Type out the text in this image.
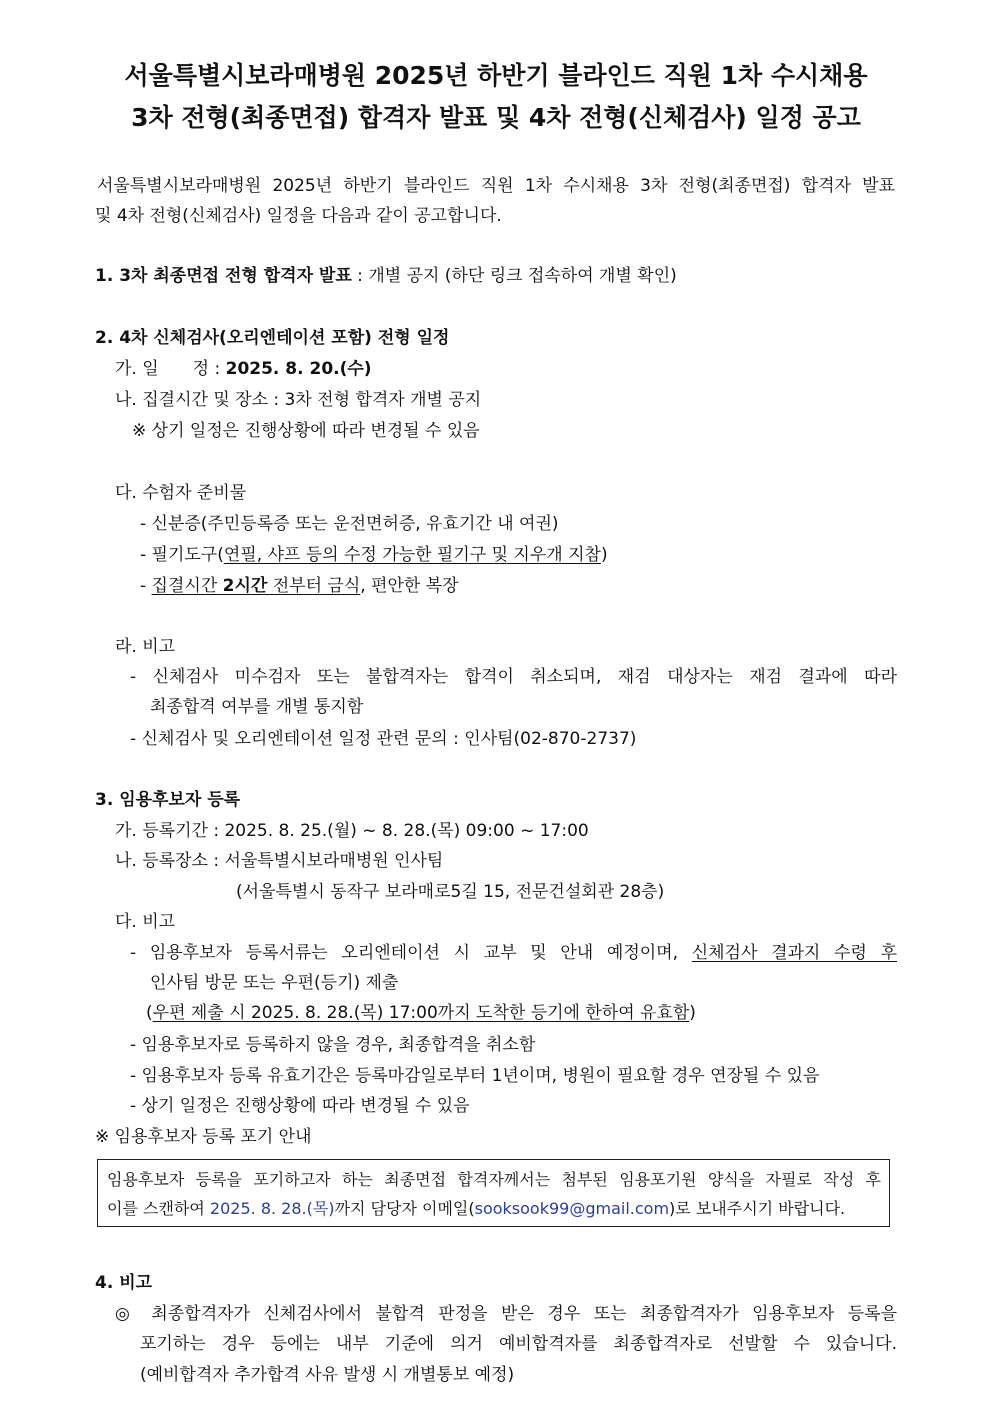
서울특별시보라매병원 2025년 하반기 블라인드 직원 1차 수시채용
3차 전형(최종면접) 합격자 발표 및 4차 전형(신체검사) 일정 공고
서울특별시보라매병원 2025년 하반기 블라인드 직원 1차 수시채용 3차 전형(최종면접) 합격자 발표
및 4차 전형(신체검사) 일정을 다음과 같이 공고합니다.
1. 3차 최종면접 전형 합격자 발표 : 개별 공지 (하단 링크 접속하여 개별 확인)
2. 4차 신체검사(오리엔테이션 포함) 전형 일정
가. 일　　정 : 2025. 8. 20.(수)
나. 집결시간 및 장소 : 3차 전형 합격자 개별 공지
※ 상기 일정은 진행상황에 따라 변경될 수 있음
다. 수험자 준비물
- 신분증(주민등록증 또는 운전면허증, 유효기간 내 여권)
- 필기도구(연필, 샤프 등의 수정 가능한 필기구 및 지우개 지참)
- 집결시간 2시간 전부터 금식, 편안한 복장
라. 비고
- 신체검사 미수검자 또는 불합격자는 합격이 취소되며, 재검 대상자는 재검 결과에 따라
최종합격 여부를 개별 통지함
- 신체검사 및 오리엔테이션 일정 관련 문의 : 인사팀(02-870-2737)
3. 임용후보자 등록
가. 등록기간 : 2025. 8. 25.(월) ~ 8. 28.(목) 09:00 ~ 17:00
나. 등록장소 : 서울특별시보라매병원 인사팀
(서울특별시 동작구 보라매로5길 15, 전문건설회관 28층)
다. 비고
- 임용후보자 등록서류는 오리엔테이션 시 교부 및 안내 예정이며, 신체검사 결과지 수령 후
인사팀 방문 또는 우편(등기) 제출
(우편 제출 시 2025. 8. 28.(목) 17:00까지 도착한 등기에 한하여 유효함)
- 임용후보자로 등록하지 않을 경우, 최종합격을 취소함
- 임용후보자 등록 유효기간은 등록마감일로부터 1년이며, 병원이 필요할 경우 연장될 수 있음
- 상기 일정은 진행상황에 따라 변경될 수 있음
※ 임용후보자 등록 포기 안내
임용후보자 등록을 포기하고자 하는 최종면접 합격자께서는 첨부된 임용포기원 양식을 자필로 작성 후
이를 스캔하여 2025. 8. 28.(목)까지 담당자 이메일(sooksook99@gmail.com)로 보내주시기 바랍니다.
4. 비고
◎ 최종합격자가 신체검사에서 불합격 판정을 받은 경우 또는 최종합격자가 임용후보자 등록을
포기하는 경우 등에는 내부 기준에 의거 예비합격자를 최종합격자로 선발할 수 있습니다.
(예비합격자 추가합격 사유 발생 시 개별통보 예정)
